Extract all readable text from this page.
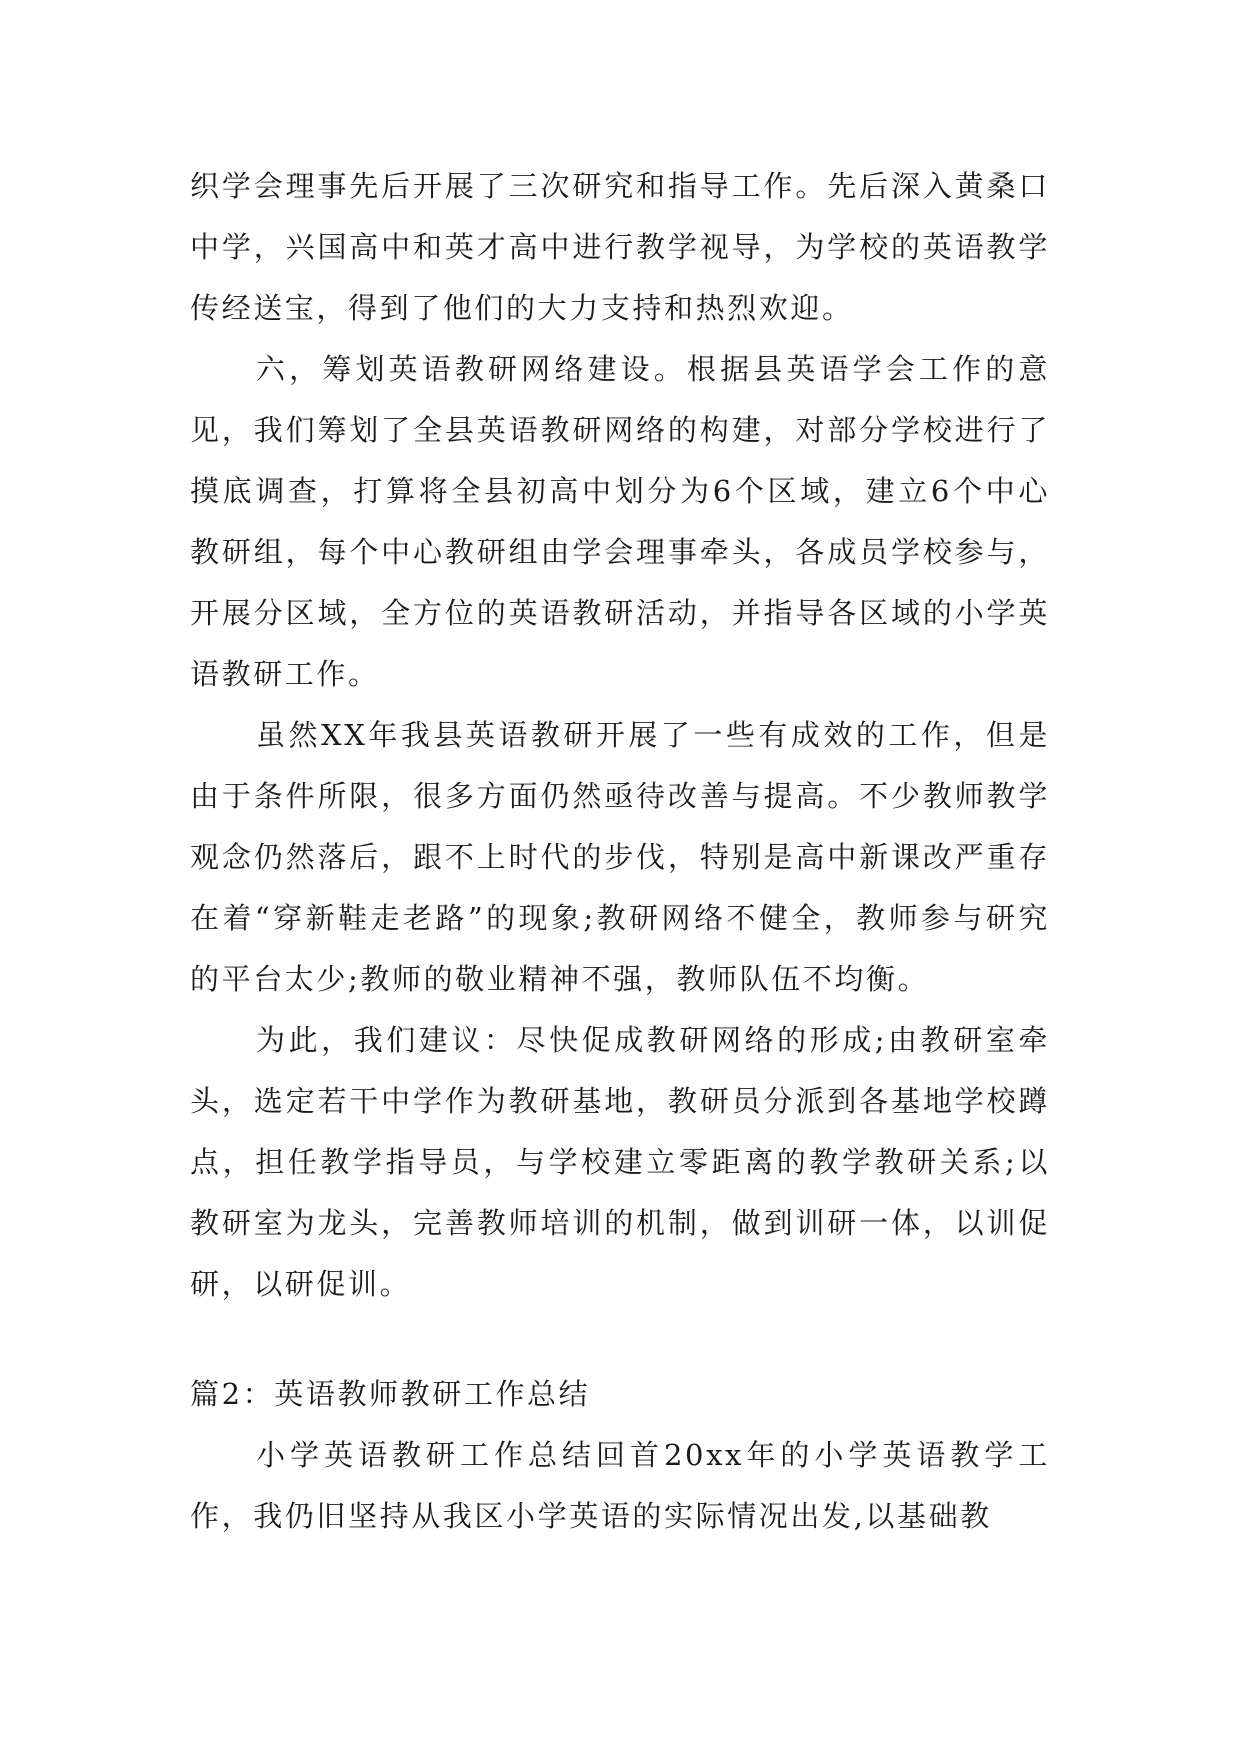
织学会理事先后开展了三次研究和指导工作。先后深入黄桑口中学，兴国高中和英才高中进行教学视导，为学校的英语教学传经送宝，得到了他们的大力支持和热烈欢迎。

六，筹划英语教研网络建设。根据县英语学会工作的意见，我们筹划了全县英语教研网络的构建，对部分学校进行了摸底调查，打算将全县初高中划分为6个区域，建立6个中心教研组，每个中心教研组由学会理事牵头，各成员学校参与，开展分区域，全方位的英语教研活动，并指导各区域的小学英语教研工作。

虽然XX年我县英语教研开展了一些有成效的工作，但是由于条件所限，很多方面仍然亟待改善与提高。不少教师教学观念仍然落后，跟不上时代的步伐，特别是高中新课改严重存在着“穿新鞋走老路”的现象;教研网络不健全，教师参与研究的平台太少;教师的敬业精神不强，教师队伍不均衡。

为此，我们建议：尽快促成教研网络的形成;由教研室牵头，选定若干中学作为教研基地，教研员分派到各基地学校蹲点，担任教学指导员，与学校建立零距离的教学教研关系;以教研室为龙头，完善教师培训的机制，做到训研一体，以训促研，以研促训。

篇2：英语教师教研工作总结

小学英语教研工作总结回首20xx年的小学英语教学工作，我仍旧坚持从我区小学英语的实际情况出发,以基础教
